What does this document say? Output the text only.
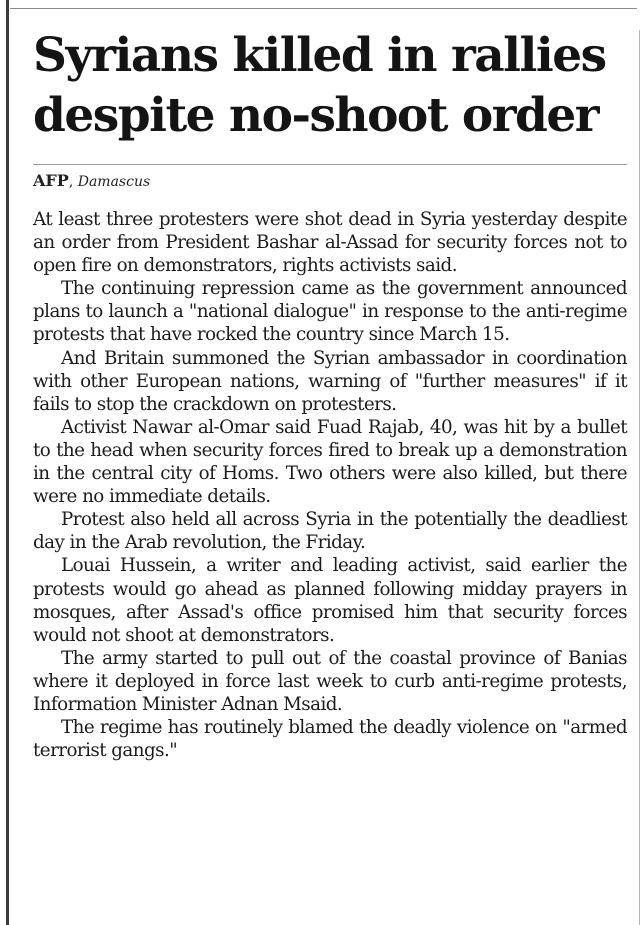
Syrians killed in rallies despite no-shoot order
AFP, Damascus

At least three protesters were shot dead in Syria yesterday despite an order from President Bashar al-Assad for security forces not to open fire on demonstrators, rights activists said.

The continuing repression came as the government announced plans to launch a "national dialogue" in response to the anti-regime protests that have rocked the country since March 15.

And Britain summoned the Syrian ambassador in coordination with other European nations, warning of "further measures" if it fails to stop the crackdown on protesters.

Activist Nawar al-Omar said Fuad Rajab, 40, was hit by a bullet to the head when security forces fired to break up a demonstration in the central city of Homs. Two others were also killed, but there were no immediate details.

Protest also held all across Syria in the potentially the deadliest day in the Arab revolution, the Friday.

Louai Hussein, a writer and leading activist, said earlier the protests would go ahead as planned following midday prayers in mosques, after Assad's office promised him that security forces would not shoot at demonstrators.

The army started to pull out of the coastal province of Banias where it deployed in force last week to curb anti-regime protests, Information Minister Adnan Msaid.

The regime has routinely blamed the deadly violence on "armed terrorist gangs."
